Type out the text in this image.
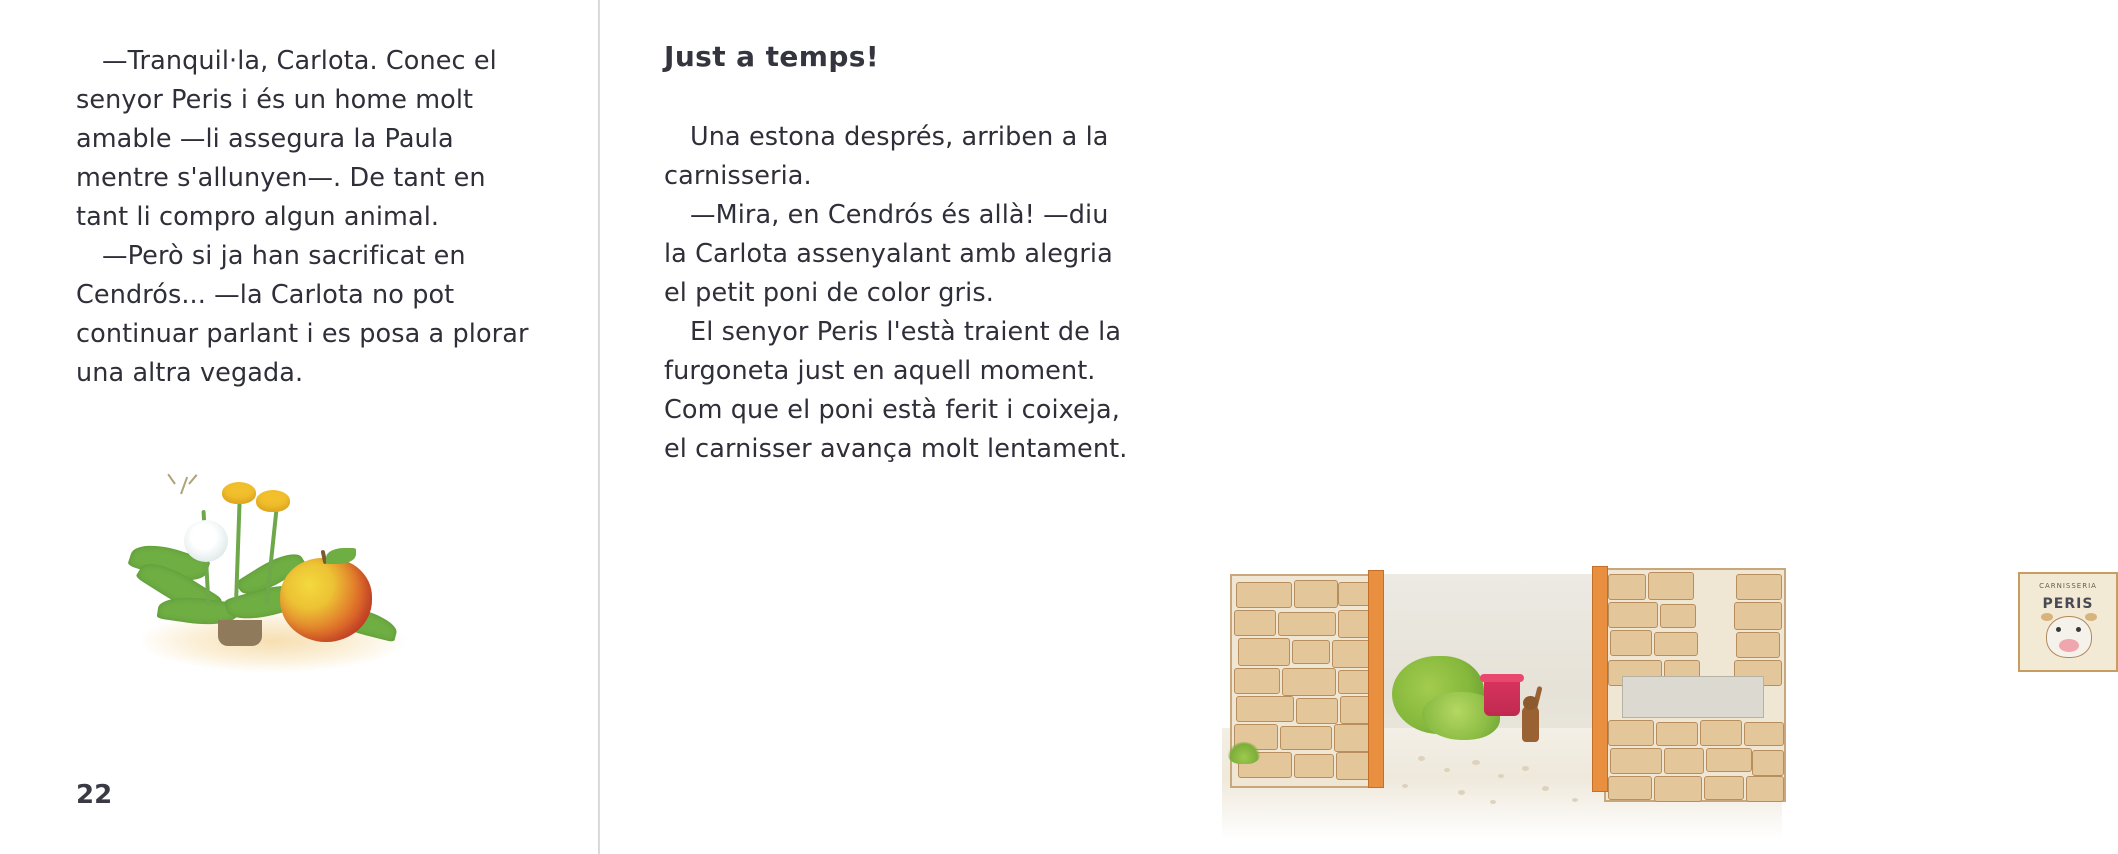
—Tranquil·la, Carlota. Conec el senyor Peris i és un home molt amable —li assegura la Paula mentre s'allunyen—. De tant en tant li compro algun animal.

—Però si ja han sacrificat en Cendrós... —la Carlota no pot continuar parlant i es posa a plorar una altra vegada.

22
Just a temps!

Una estona després, arriben a la carnisseria.

—Mira, en Cendrós és allà! —diu la Carlota assenyalant amb alegria el petit poni de color gris.

El senyor Peris l'està traient de la furgoneta just en aquell moment. Com que el poni està ferit i coixeja, el carnisser avança molt lentament.

CARNISSERIA
PERIS
